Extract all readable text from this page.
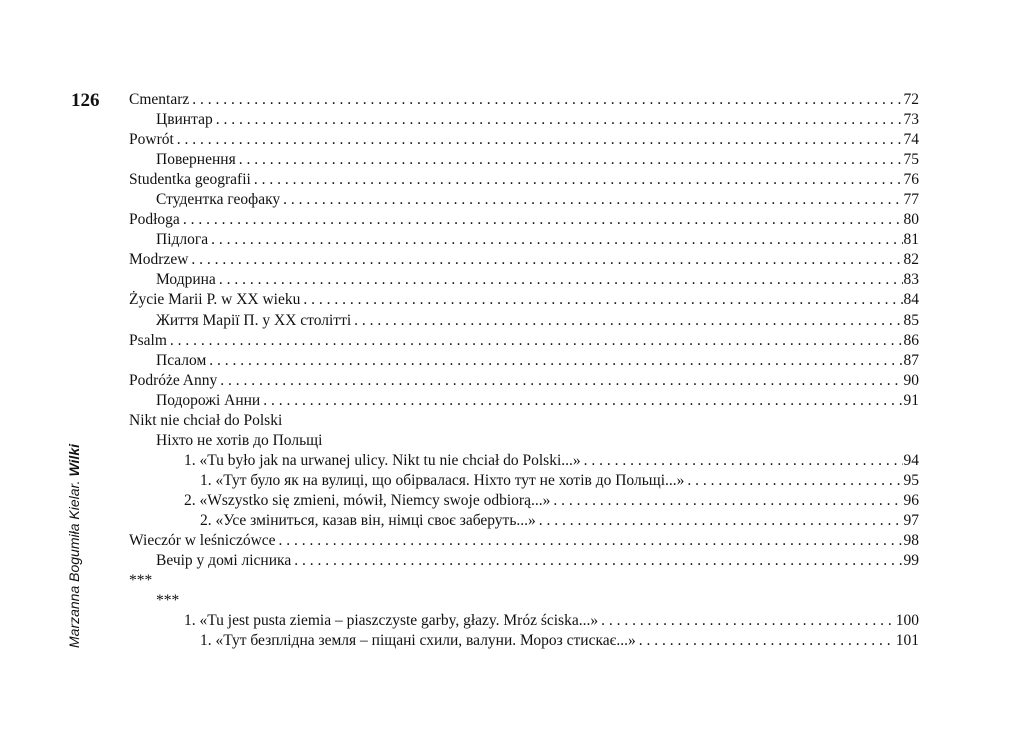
126
Marzanna Bogumiła Kielar. Wilki
Cmentarz . . .	72
Цвинтар . . .	73
Powrót . . .	74
Повернення . . .	75
Studentka geografii . . .	76
Студентка геофаку . . .	77
Podłoga . . .	80
Підлога . . .	81
Modrzew . . .	82
Модрина . . .	83
Życie Marii P. w XX wieku . . .	84
Життя Марії П. у XX столітті . . .	85
Psalm . . .	86
Псалом . . .	87
Podróże Anny . . .	90
Подорожі Анни . . .	91
Nikt nie chciał do Polski
Ніхто не хотів до Польщі
1. «Tu było jak na urwanej ulicy. Nikt tu nie chciał do Polski...» . . .	94
1. «Тут було як на вулиці, що обірвалася. Ніхто тут не хотів до Польщі...» . . .	95
2. «Wszystko się zmieni, mówił, Niemcy swoje odbiorą...» . . .	96
2. «Усе зміниться, казав він, німці своє заберуть...» . . .	97
Wieczór w leśniczówce . . .	98
Вечір у домі лісника . . .	99
***
***
1. «Tu jest pusta ziemia – piaszczyste garby, głazy. Mróz ściska...» . . .	100
1. «Тут безплідна земля – піщані схили, валуни. Мороз стискає...» . . .	101
